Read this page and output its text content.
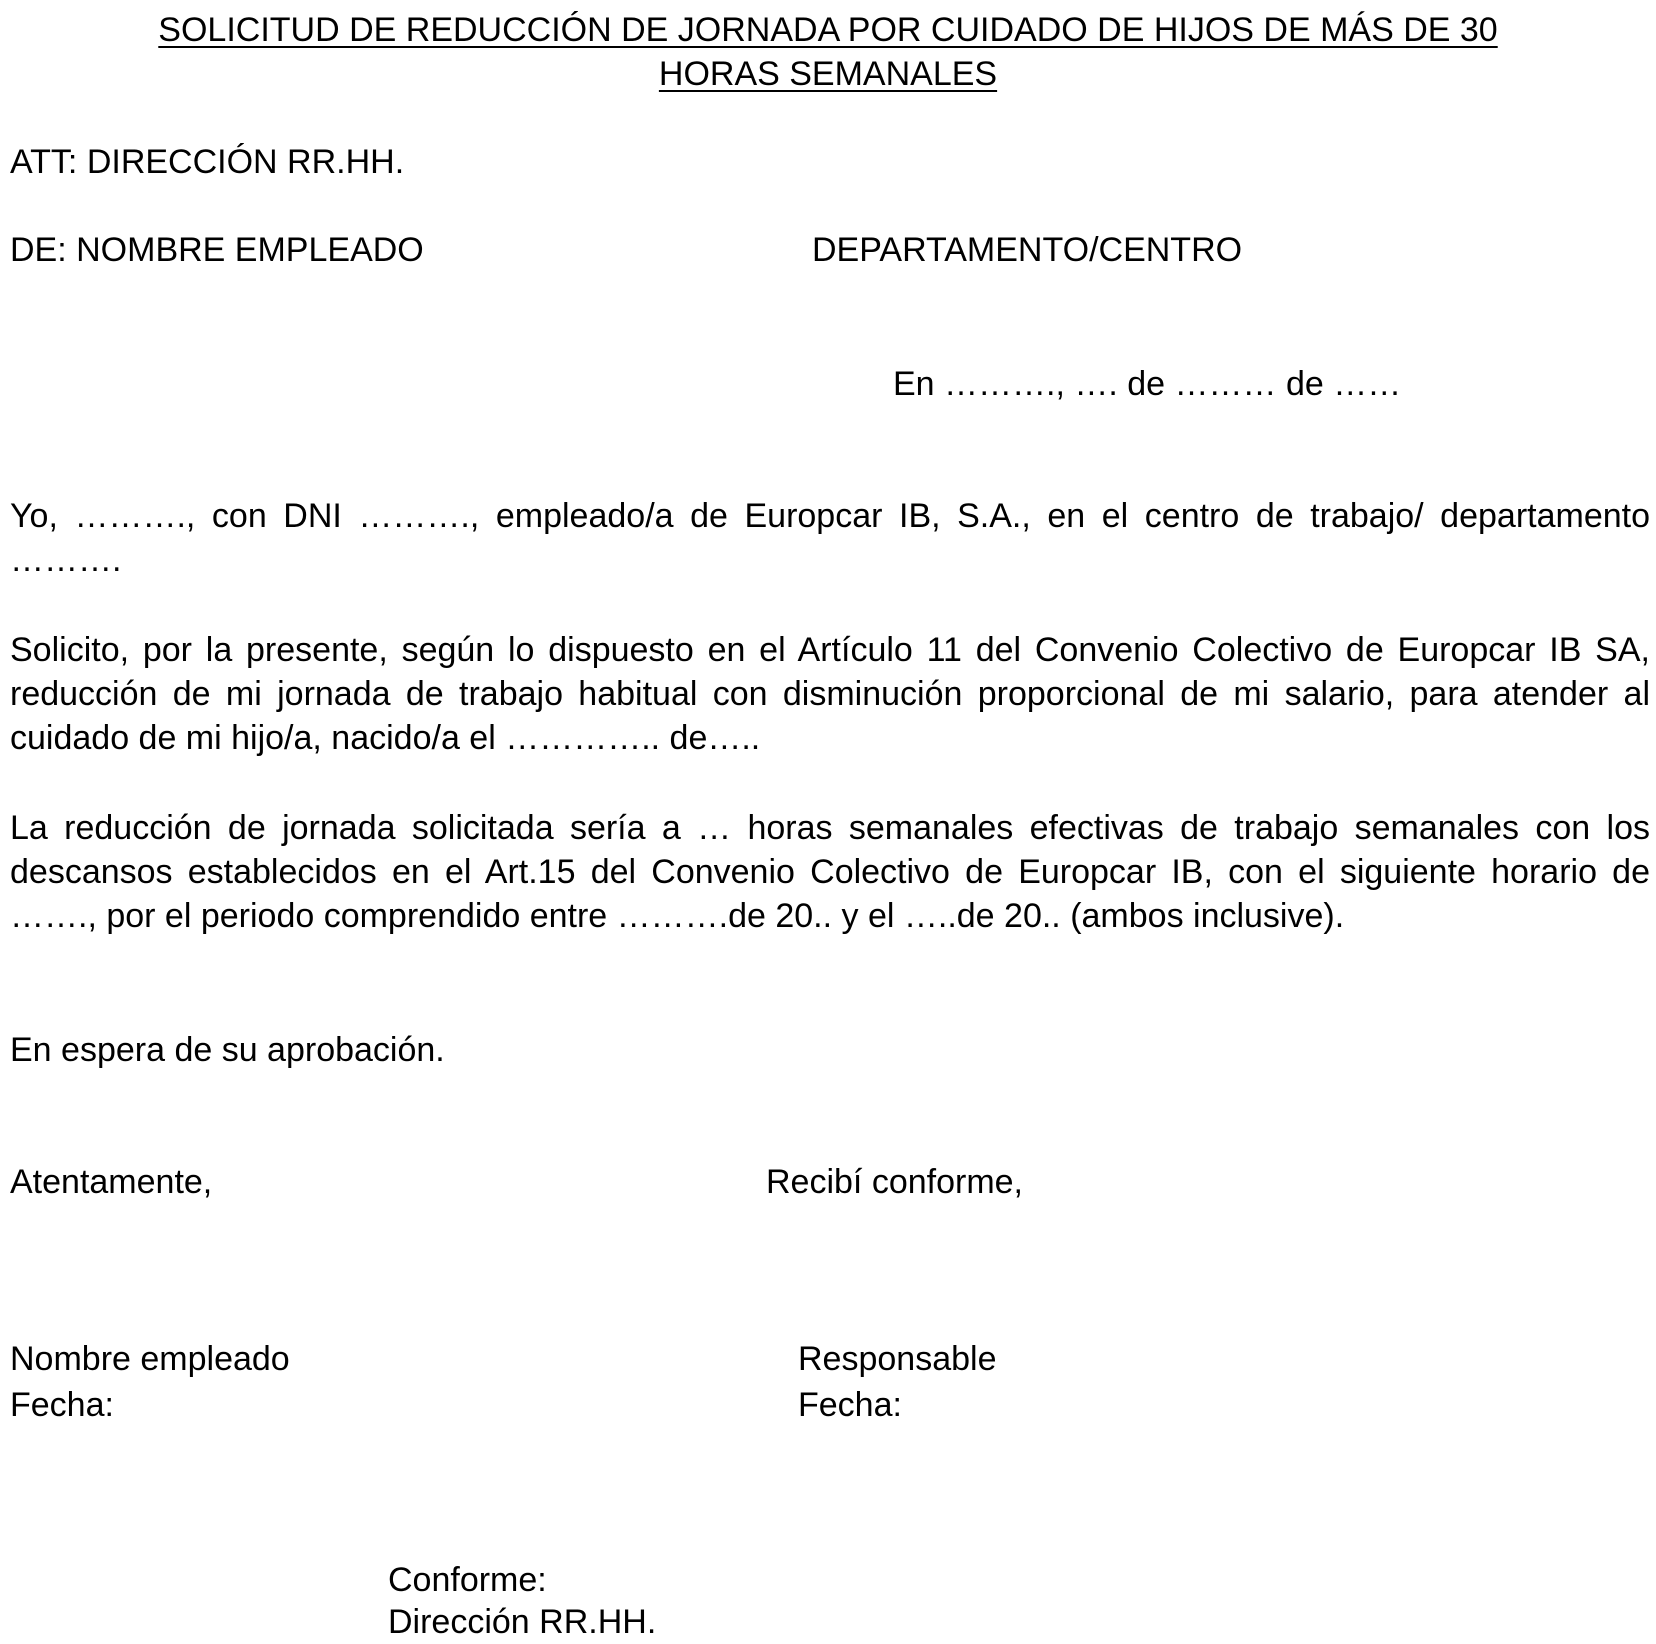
SOLICITUD DE REDUCCIÓN DE JORNADA POR CUIDADO DE HIJOS DE MÁS DE 30
HORAS SEMANALES
ATT: DIRECCIÓN RR.HH.
DE: NOMBRE EMPLEADO	DEPARTAMENTO/CENTRO
En ………., …. de ……… de ……

Yo, ………., con DNI ………., empleado/a de Europcar IB, S.A., en el centro de trabajo/ departamento ……….

Solicito, por la presente, según lo dispuesto en el Artículo 11 del Convenio Colectivo de Europcar IB SA, reducción de mi jornada de trabajo habitual con disminución proporcional de mi salario, para atender al cuidado de mi hijo/a, nacido/a el ………….. de…..

La reducción de jornada solicitada sería a … horas semanales efectivas de trabajo semanales con los descansos establecidos en el Art.15 del Convenio Colectivo de Europcar IB, con el siguiente horario de ……., por el periodo comprendido entre ……….de 20.. y el …..de 20.. (ambos inclusive).

En espera de su aprobación.
Atentamente,	Recibí conforme,
Nombre empleado
Fecha:
Responsable
Fecha:
Conforme:
Dirección RR.HH.
